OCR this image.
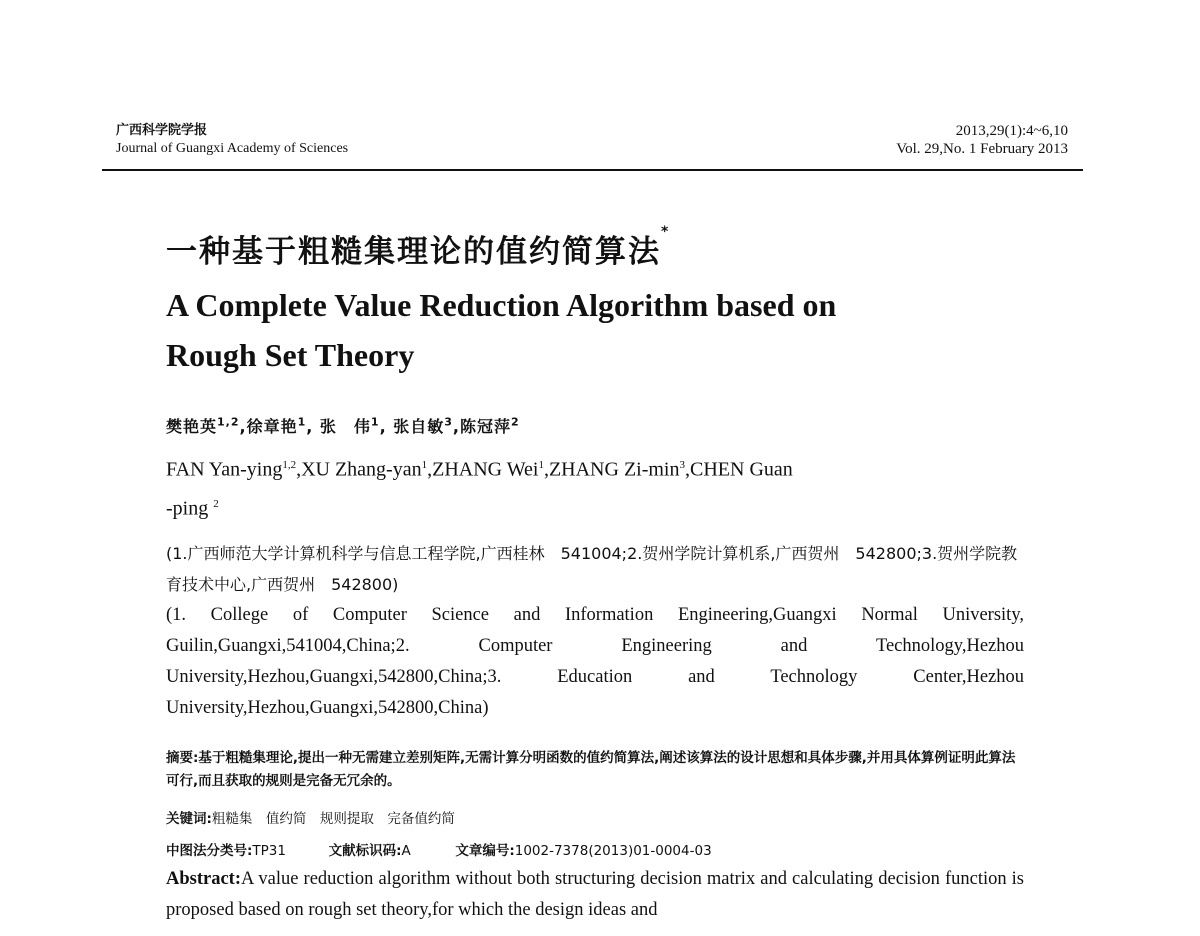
广西科学院学报
Journal of Guangxi Academy of Sciences
2013,29(1):4~6,10
Vol. 29,No. 1 February 2013
一种基于粗糙集理论的值约简算法*
A Complete Value Reduction Algorithm based on
Rough Set Theory
樊艳英$^{1,2}$,徐章艳$^1$, 张　伟$^1$, 张自敏$^3$,陈冠萍$^2$
FAN Yan-ying$^{1,2}$,XU Zhang-yan$^1$,ZHANG Wei$^1$,ZHANG $Zi-\min^3,CHEN$ Guan
-ping $^2$
(1.广西师范大学计算机科学与信息工程学院,广西桂林　541004;2.贺州学院计算机系,广西贺州　542800;3.贺州学院教育技术中心,广西贺州　542800)
(1. College of Computer Science and Information Engineering,Guangxi Normal University, Guilin,Guangxi,541004,China;2. Computer Engineering and Technology,Hezhou University,Hezhou,Guangxi,542800,China;3. Education and Technology Center,Hezhou University,Hezhou,Guangxi,542800,China)
摘要:基于粗糙集理论,提出一种无需建立差别矩阵,无需计算分明函数的值约简算法,阐述该算法的设计思想和具体步骤,并用具体算例证明此算法可行,而且获取的规则是完备无冗余的。
关键词:粗糙集　值约简　规则提取　完备值约简
中图法分类号:TP31	文献标识码:A	文章编号:1002-7378(2013)01-0004-03
Abstract:A value reduction algorithm without both structuring decision matrix and calculating decision function is proposed based on rough set theory,for which the design ideas and
